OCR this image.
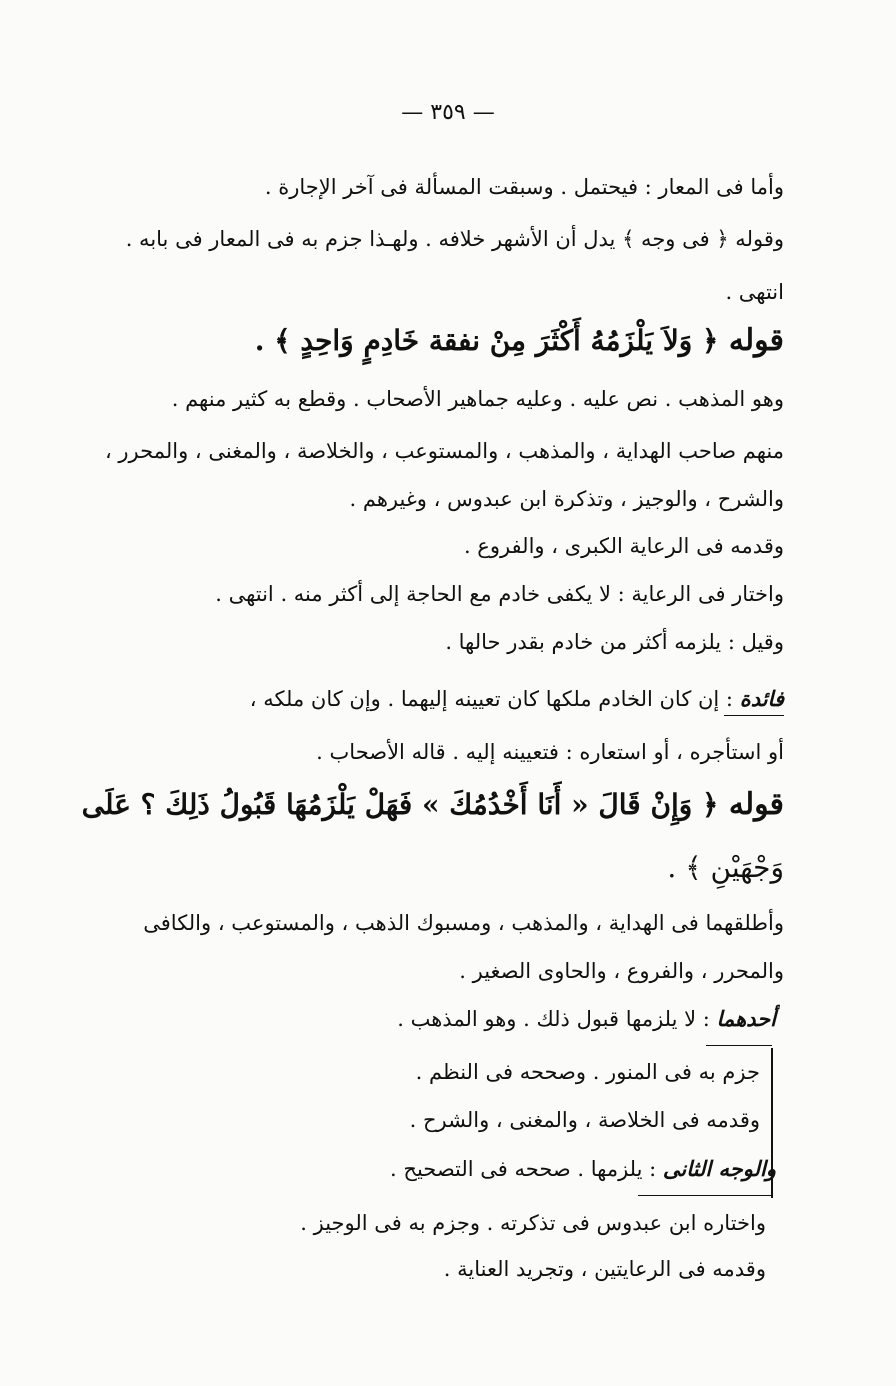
— ٣٥٩ —
وأما فى المعار : فيحتمل . وسبقت المسألة فى آخر الإجارة .
وقوله ﴿ فى وجه ﴾ يدل أن الأشهر خلافه . ولهـذا جزم به فى المعار فى بابه .
انتهى .
قوله ﴿ وَلاَ يَلْزَمُهُ أَكْثَرَ مِنْ نفقة خَادِمٍ وَاحِدٍ ﴾ .
وهو المذهب . نص عليه . وعليه جماهير الأصحاب . وقطع به كثير منهم .
منهم صاحب الهداية ، والمذهب ، والمستوعب ، والخلاصة ، والمغنى ، والمحرر ،
والشرح ، والوجيز ، وتذكرة ابن عبدوس ، وغيرهم .
وقدمه فى الرعاية الكبرى ، والفروع .
واختار فى الرعاية : لا يكفى خادم مع الحاجة إلى أكثر منه . انتهى .
وقيل : يلزمه أكثر من خادم بقدر حالها .
فائدة : إن كان الخادم ملكها كان تعيينه إليهما . وإن كان ملكه ،
أو استأجره ، أو استعاره : فتعيينه إليه . قاله الأصحاب .
قوله ﴿ وَإِنْ قَالَ « أَنَا أَخْدُمُكَ » فَهَلْ يَلْزَمُهَا قَبُولُ ذَلِكَ ؟ عَلَى
وَجْهَيْنِ ﴾ .
وأطلقهما فى الهداية ، والمذهب ، ومسبوك الذهب ، والمستوعب ، والكافى
والمحرر ، والفروع ، والحاوى الصغير .
أحدهما : لا يلزمها قبول ذلك . وهو المذهب .
جزم به فى المنور . وصححه فى النظم .
وقدمه فى الخلاصة ، والمغنى ، والشرح .
والوجه الثانى : يلزمها . صححه فى التصحيح .
واختاره ابن عبدوس فى تذكرته . وجزم به فى الوجيز .
وقدمه فى الرعايتين ، وتجريد العناية .
